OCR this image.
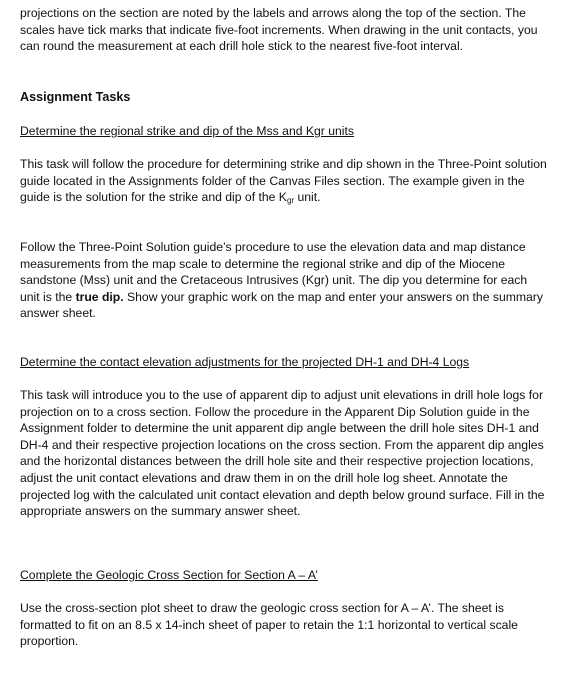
projections on the section are noted by the labels and arrows along the top of the section. The scales have tick marks that indicate five-foot increments. When drawing in the unit contacts, you can round the measurement at each drill hole stick to the nearest five-foot interval.

Assignment Tasks

Determine the regional strike and dip of the Mss and Kgr units

This task will follow the procedure for determining strike and dip shown in the Three-Point solution guide located in the Assignments folder of the Canvas Files section. The example given in the guide is the solution for the strike and dip of the $K_{gr}$ unit.

Follow the Three-Point Solution guide’s procedure to use the elevation data and map distance measurements from the map scale to determine the regional strike and dip of the Miocene sandstone (Mss) unit and the Cretaceous Intrusives (Kgr) unit. The dip you determine for each unit is the true dip. Show your graphic work on the map and enter your answers on the summary answer sheet.

Determine the contact elevation adjustments for the projected DH-1 and DH-4 Logs

This task will introduce you to the use of apparent dip to adjust unit elevations in drill hole logs for projection on to a cross section. Follow the procedure in the Apparent Dip Solution guide in the Assignment folder to determine the unit apparent dip angle between the drill hole sites DH-1 and DH-4 and their respective projection locations on the cross section. From the apparent dip angles and the horizontal distances between the drill hole site and their respective projection locations, adjust the unit contact elevations and draw them in on the drill hole log sheet. Annotate the projected log with the calculated unit contact elevation and depth below ground surface. Fill in the appropriate answers on the summary answer sheet.

Complete the Geologic Cross Section for Section A – A’

Use the cross-section plot sheet to draw the geologic cross section for A – A’. The sheet is formatted to fit on an 8.5 x 14-inch sheet of paper to retain the 1:1 horizontal to vertical scale proportion.
